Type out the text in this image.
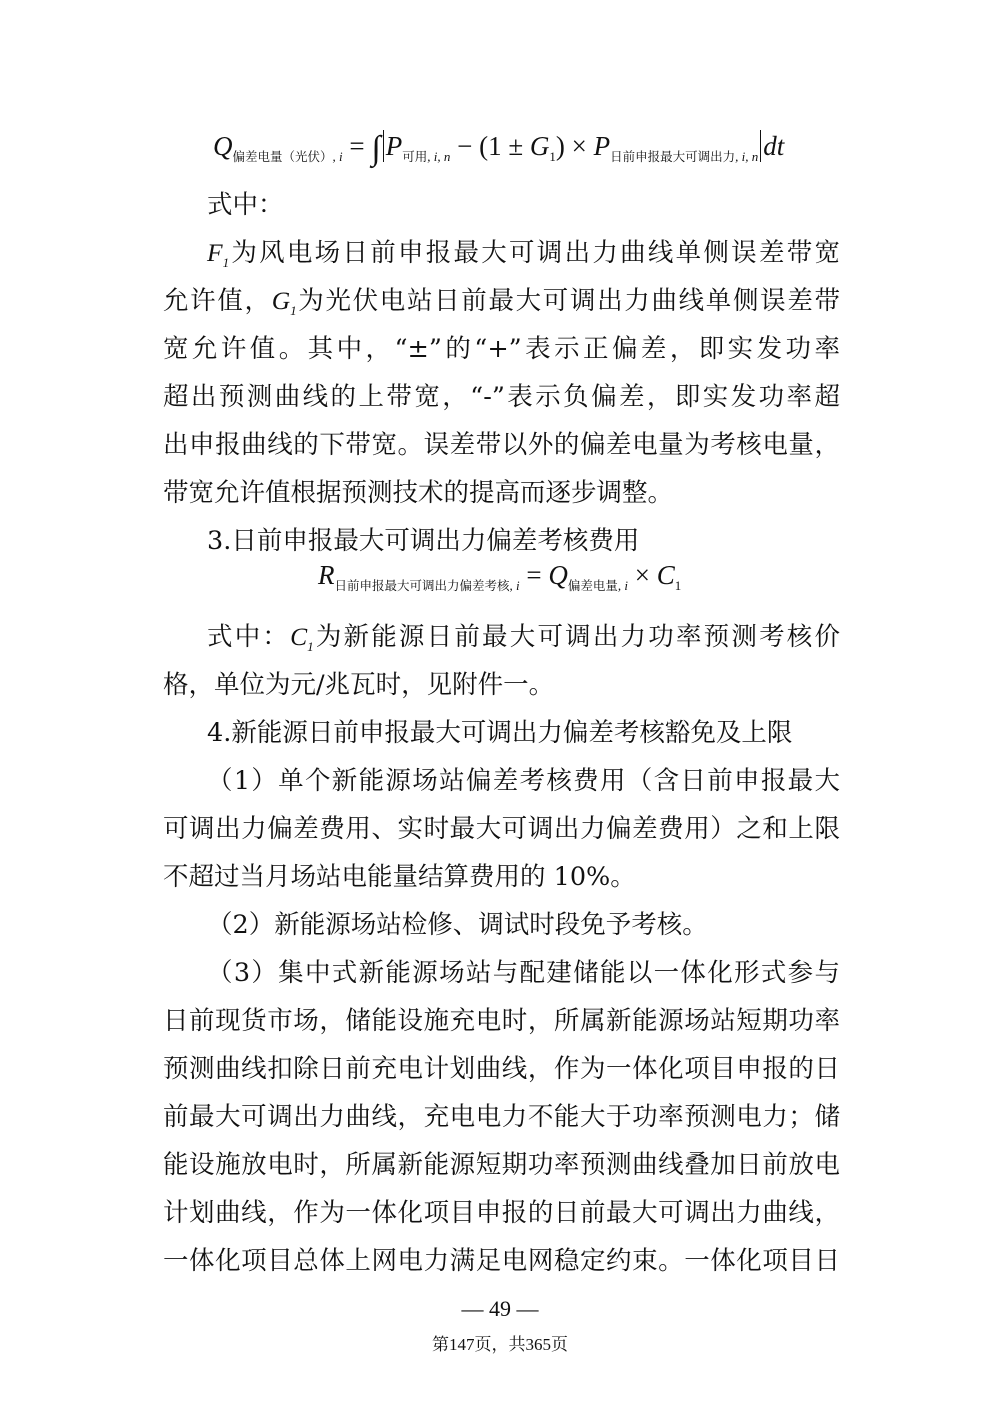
$Q_{偏差电量(光伏), i}$ = ∫ $P_{可用, i, n} - (1 \pm G_1) \times P_{日前申报最大可调出力, i, n}$ dt
式中：
$F_1$为风电场日前申报最大可调出力曲线单侧误差带宽
允许值，$G_1$为光伏电站日前最大可调出力曲线单侧误差带
宽允许值。其中，“±”的“+”表示正偏差，即实发功率
超出预测曲线的上带宽，“-”表示负偏差，即实发功率超
出申报曲线的下带宽。误差带以外的偏差电量为考核电量，
带宽允许值根据预测技术的提高而逐步调整。
3.日前申报最大可调出力偏差考核费用
$R_{日前申报最大可调出力偏差考核, i} = Q_{偏差电量, i} \times C_1$
式中：$C_1$为新能源日前最大可调出力功率预测考核价
格，单位为元/兆瓦时，见附件一。
4.新能源日前申报最大可调出力偏差考核豁免及上限
（1）单个新能源场站偏差考核费用（含日前申报最大
可调出力偏差费用、实时最大可调出力偏差费用）之和上限
不超过当月场站电能量结算费用的 10%。
（2）新能源场站检修、调试时段免予考核。
（3）集中式新能源场站与配建储能以一体化形式参与
日前现货市场，储能设施充电时，所属新能源场站短期功率
预测曲线扣除日前充电计划曲线，作为一体化项目申报的日
前最大可调出力曲线，充电电力不能大于功率预测电力；储
能设施放电时，所属新能源短期功率预测曲线叠加日前放电
计划曲线，作为一体化项目申报的日前最大可调出力曲线，
一体化项目总体上网电力满足电网稳定约束。一体化项目日
— 49 —
第147页，共365页
